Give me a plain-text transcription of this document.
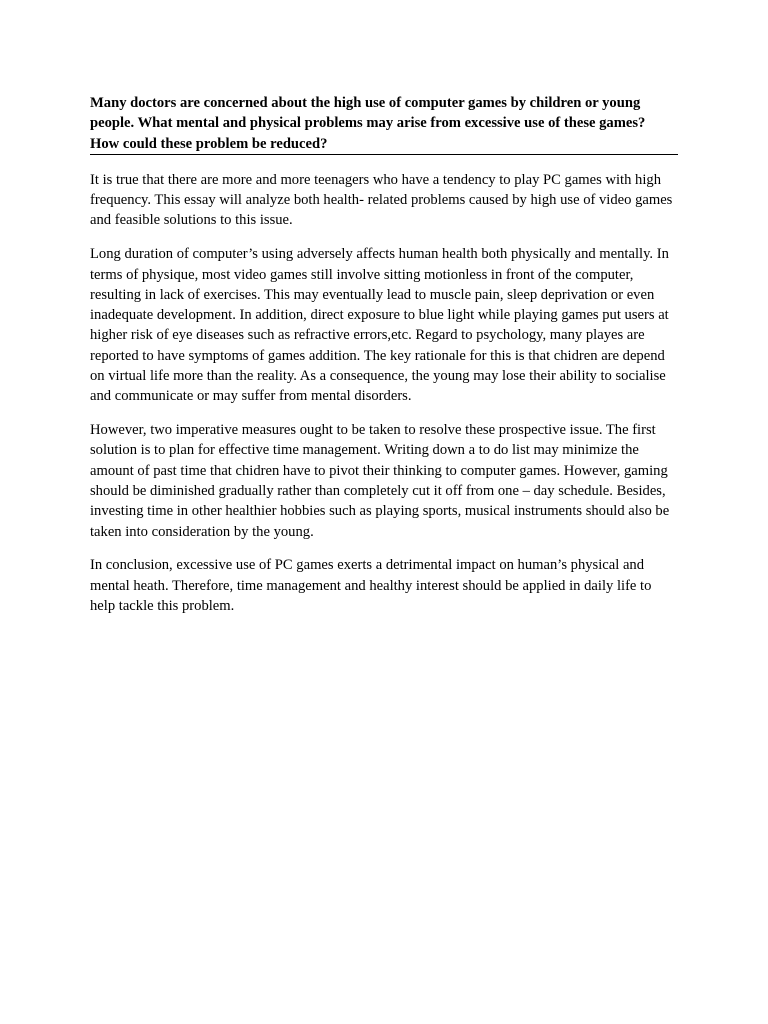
Many doctors are concerned about the high use of computer games by children or young people. What mental and physical problems may arise from excessive use of these games? How could these problem be reduced?

It is true that there are more and more teenagers who have a tendency to play PC games with high frequency. This essay will analyze both health- related problems caused by high use of video games and feasible solutions to this issue.

Long duration of computer’s using adversely affects human health both physically and mentally. In terms of physique, most video games still involve sitting motionless in front of the computer, resulting in lack of exercises. This may eventually lead to muscle pain, sleep deprivation or even inadequate development. In addition, direct exposure to blue light while playing games put users at higher risk of eye diseases such as refractive errors,etc. Regard to psychology, many playes are reported to have symptoms of games addition. The key rationale for this is that chidren are depend on virtual life more than the reality. As a consequence, the young may lose their ability to socialise and communicate or may suffer from mental disorders.

However, two imperative measures ought to be taken to resolve these prospective issue. The first solution is to plan for effective time management. Writing down a to do list may minimize the amount of past time that chidren have to pivot their thinking to computer games. However, gaming should be diminished gradually rather than completely cut it off from one – day schedule. Besides, investing time in other healthier hobbies such as playing sports, musical instruments should also be taken into consideration by the young.

In conclusion, excessive use of PC games exerts a detrimental impact on human’s physical and mental heath. Therefore, time management and healthy interest should be applied in daily life to help tackle this problem.
